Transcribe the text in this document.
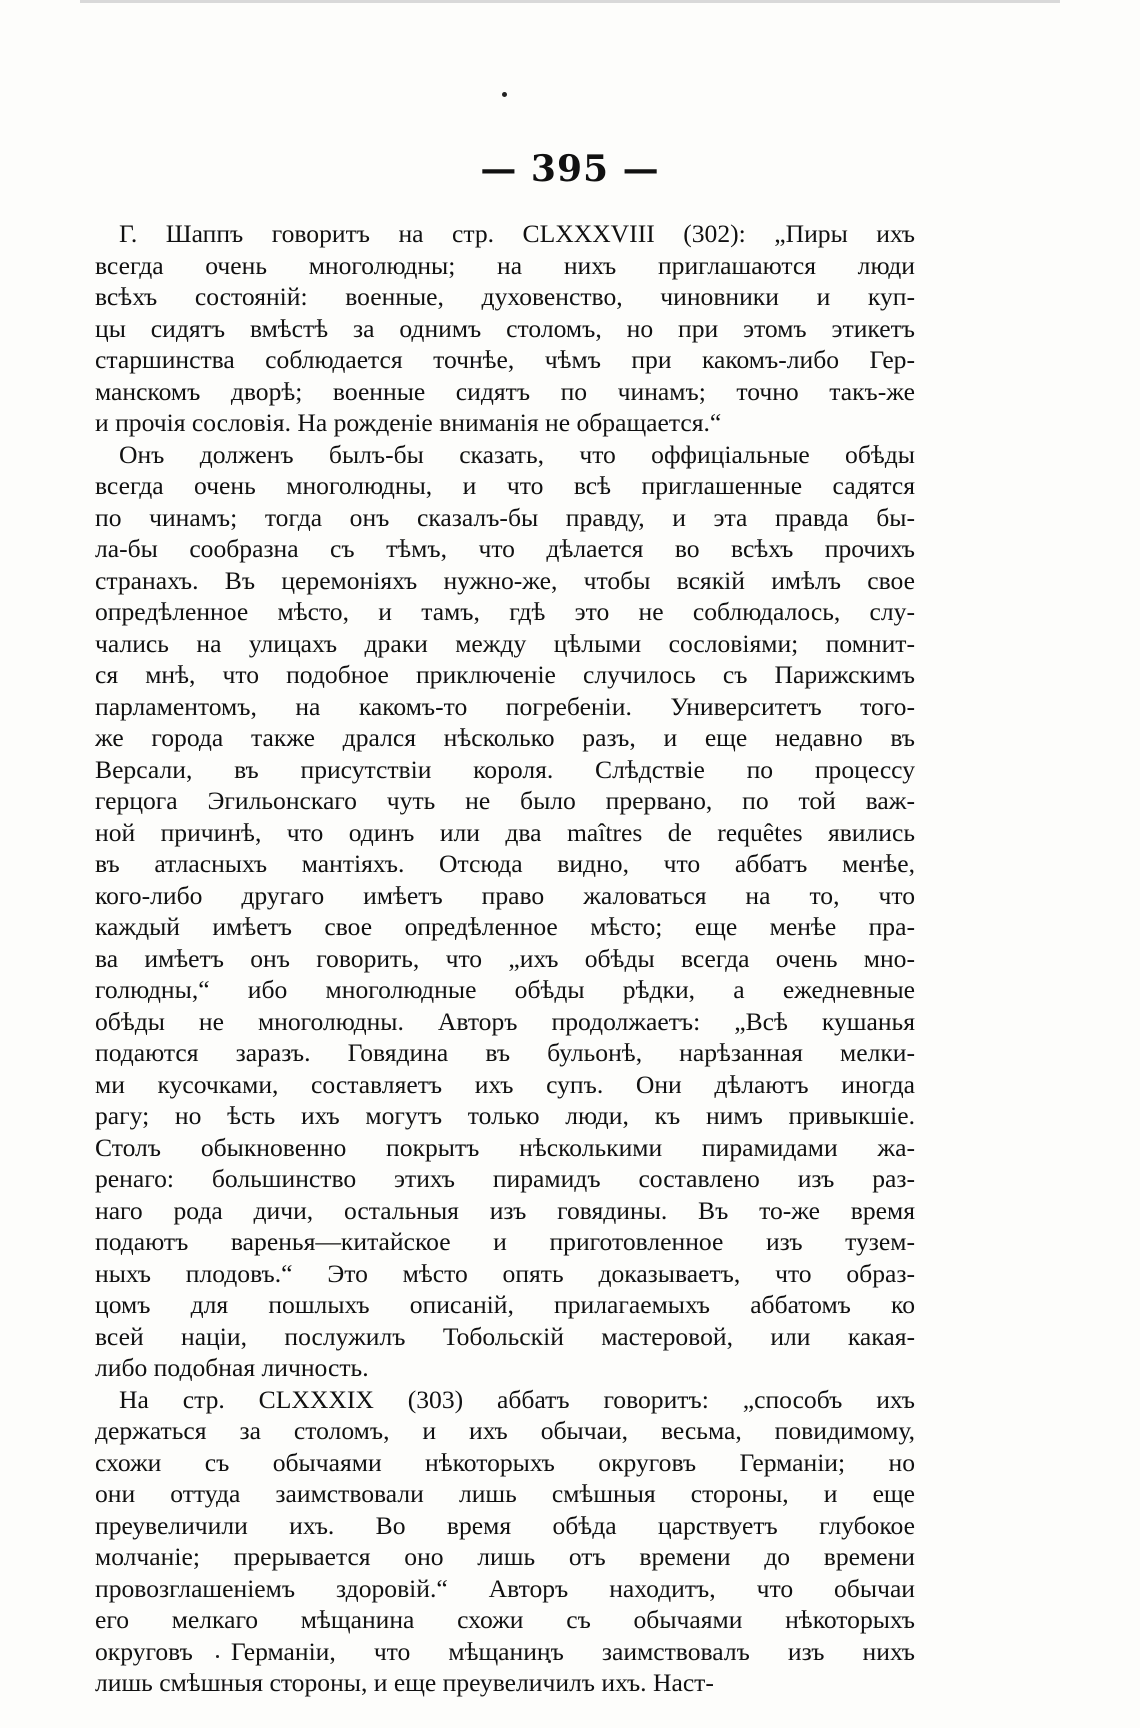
— 395 —
Г. Шаппъ говоритъ на стр. CLXXXVIII (302): „Пиры ихъ
всегда очень многолюдны; на нихъ приглашаются люди
всѣхъ состояній: военные, духовенство, чиновники и куп-
цы сидятъ вмѣстѣ за однимъ столомъ, но при этомъ этикетъ
старшинства соблюдается точнѣе, чѣмъ при какомъ-либо Гер-
манскомъ дворѣ; военные сидятъ по чинамъ; точно такъ-же
и прочія сословія. На рожденіе вниманія не обращается.“
Онъ долженъ былъ-бы сказать, что оффиціальные обѣды
всегда очень многолюдны, и что всѣ приглашенные садятся
по чинамъ; тогда онъ сказалъ-бы правду, и эта правда бы-
ла-бы сообразна съ тѣмъ, что дѣлается во всѣхъ прочихъ
странахъ. Въ церемоніяхъ нужно-же, чтобы всякій имѣлъ свое
опредѣленное мѣсто, и тамъ, гдѣ это не соблюдалось, слу-
чались на улицахъ драки между цѣлыми сословіями; помнит-
ся мнѣ, что подобное приключеніе случилось съ Парижскимъ
парламентомъ, на какомъ-то погребеніи. Университетъ того-
же города также дрался нѣсколько разъ, и еще недавно въ
Версали, въ присутствіи короля. Слѣдствіе по процессу
герцога Эгильонскаго чуть не было прервано, по той важ-
ной причинѣ, что одинъ или два maîtres de requêtes явились
въ атласныхъ мантіяхъ. Отсюда видно, что аббатъ менѣе,
кого-либо другаго имѣетъ право жаловаться на то, что
каждый имѣетъ свое опредѣленное мѣсто; еще менѣе пра-
ва имѣетъ онъ говорить, что „ихъ обѣды всегда очень мно-
голюдны,“ ибо многолюдные обѣды рѣдки, а ежедневные
обѣды не многолюдны. Авторъ продолжаетъ: „Всѣ кушанья
подаются заразъ. Говядина въ бульонѣ, нарѣзанная мелки-
ми кусочками, составляетъ ихъ супъ. Они дѣлаютъ иногда
рагу; но ѣсть ихъ могутъ только люди, къ нимъ привыкшіе.
Столъ обыкновенно покрытъ нѣсколькими пирамидами жа-
ренаго: большинство этихъ пирамидъ составлено изъ раз-
наго рода дичи, остальныя изъ говядины. Въ то-же время
подаютъ варенья—китайское и приготовленное изъ тузем-
ныхъ плодовъ.“ Это мѣсто опять доказываетъ, что образ-
цомъ для пошлыхъ описаній, прилагаемыхъ аббатомъ ко
всей націи, послужилъ Тобольскій мастеровой, или какая-
либо подобная личность.
На стр. CLXXXIX (303) аббатъ говоритъ: „способъ ихъ
держаться за столомъ, и ихъ обычаи, весьма, повидимому,
схожи съ обычаями нѣкоторыхъ округовъ Германіи; но
они оттуда заимствовали лишь смѣшныя стороны, и еще
преувеличили ихъ. Во время обѣда царствуетъ глубокое
молчаніе; прерывается оно лишь отъ времени до времени
провозглашеніемъ здоровій.“ Авторъ находитъ, что обычаи
его мелкаго мѣщанина схожи съ обычаями нѣкоторыхъ
округовъ Германіи, что мѣщанинъ заимствовалъ изъ нихъ
лишь смѣшныя стороны, и еще преувеличилъ ихъ. Наст-
